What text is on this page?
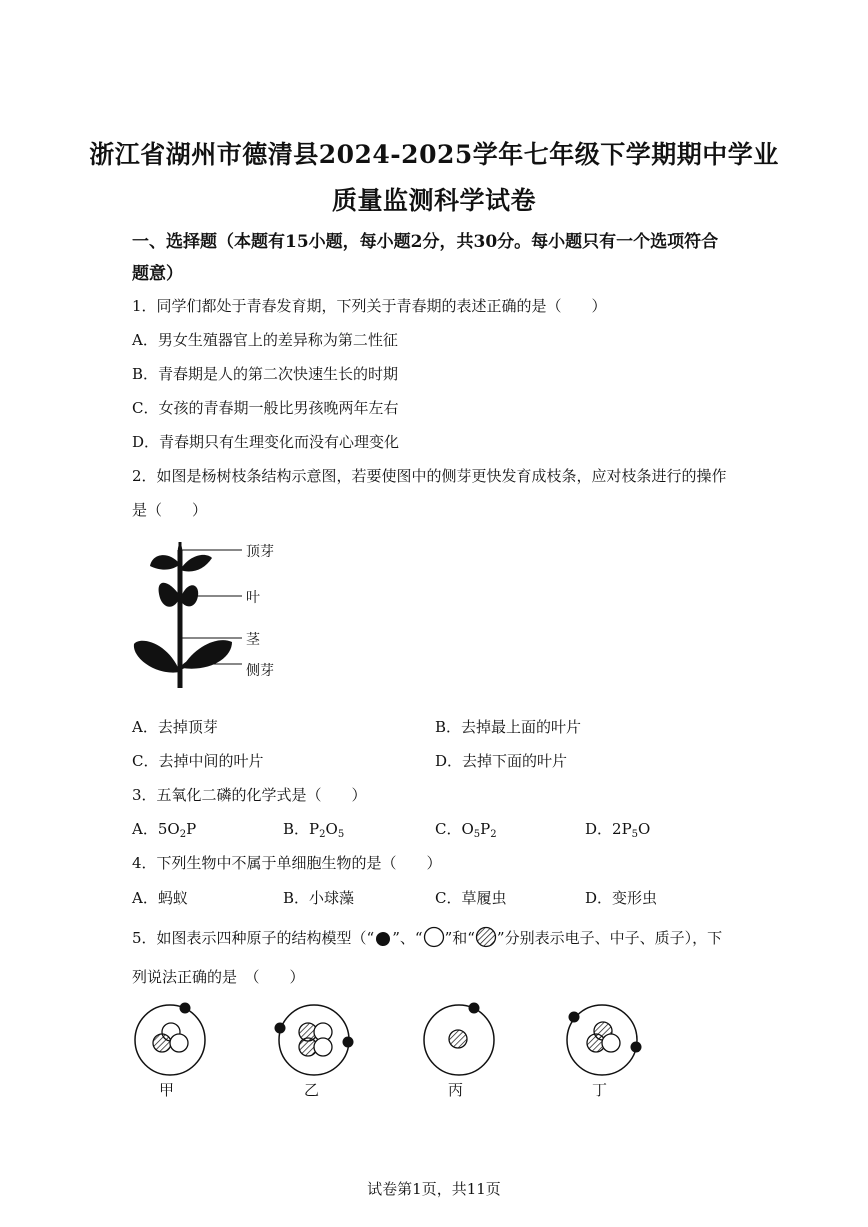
浙江省湖州市德清县2024-2025学年七年级下学期期中学业
质量监测科学试卷
一、选择题（本题有15小题，每小题2分，共30分。每小题只有一个选项符合
题意）
1．同学们都处于青春发育期，下列关于青春期的表述正确的是（　　）
A．男女生殖器官上的差异称为第二性征
B．青春期是人的第二次快速生长的时期
C．女孩的青春期一般比男孩晚两年左右
D．青春期只有生理变化而没有心理变化
2．如图是杨树枝条结构示意图，若要使图中的侧芽更快发育成枝条，应对枝条进行的操作
是（　　）
顶芽
叶
茎
侧芽
A．去掉顶芽	B．去掉最上面的叶片
C．去掉中间的叶片	D．去掉下面的叶片
3．五氧化二磷的化学式是（　　）
A．$5O_2P$	B．$P_2O_5$	C．$O_5P_2$	D．$2P_5O$
4．下列生物中不属于单细胞生物的是（　　）
A．蚂蚁	B．小球藻	C．草履虫	D．变形虫
5．如图表示四种原子的结构模型（“ ”、“ ”和“ ”分别表示电子、中子、质子），下
列说法正确的是　（　　）
甲	乙	丙	丁
试卷第1页，共11页
